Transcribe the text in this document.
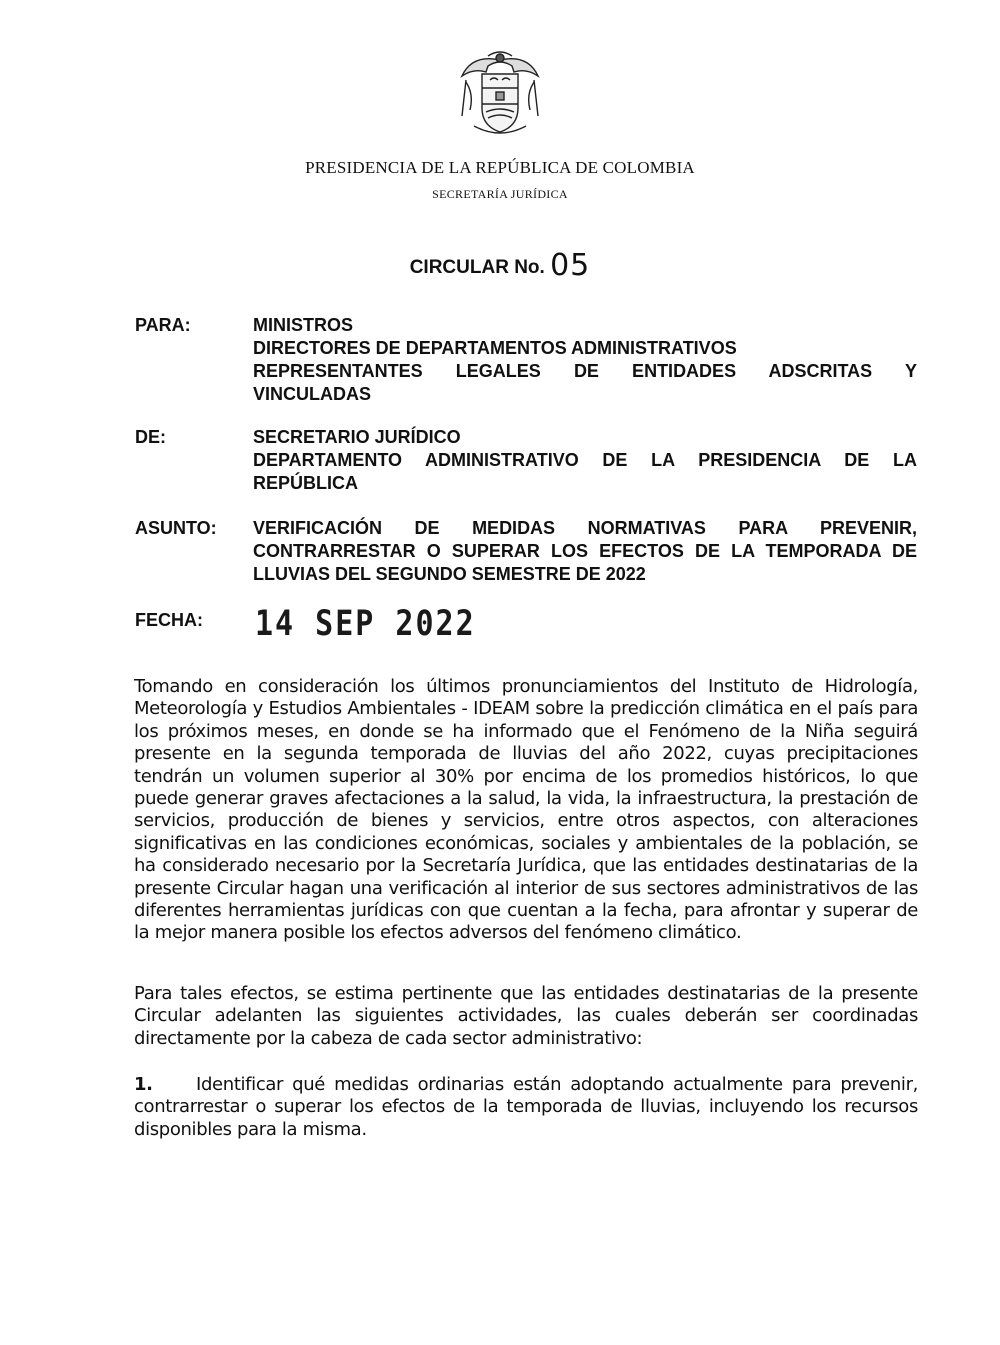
PRESIDENCIA DE LA REPÚBLICA DE COLOMBIA
SECRETARÍA JURÍDICA
CIRCULAR No. 05
PARA:	MINISTROS
DIRECTORES DE DEPARTAMENTOS ADMINISTRATIVOS
REPRESENTANTES LEGALES DE ENTIDADES ADSCRITAS Y
VINCULADAS
DE:	SECRETARIO JURÍDICO
DEPARTAMENTO ADMINISTRATIVO DE LA PRESIDENCIA DE LA
REPÚBLICA
ASUNTO: VERIFICACIÓN DE MEDIDAS NORMATIVAS PARA PREVENIR,
CONTRARRESTAR O SUPERAR LOS EFECTOS DE LA TEMPORADA DE
LLUVIAS DEL SEGUNDO SEMESTRE DE 2022
FECHA: 14 SEP 2022
Tomando en consideración los últimos pronunciamientos del Instituto de Hidrología, Meteorología y Estudios Ambientales - IDEAM sobre la predicción climática en el país para los próximos meses, en donde se ha informado que el Fenómeno de la Niña seguirá presente en la segunda temporada de lluvias del año 2022, cuyas precipitaciones tendrán un volumen superior al 30% por encima de los promedios históricos, lo que puede generar graves afectaciones a la salud, la vida, la infraestructura, la prestación de servicios, producción de bienes y servicios, entre otros aspectos, con alteraciones significativas en las condiciones económicas, sociales y ambientales de la población, se ha considerado necesario por la Secretaría Jurídica, que las entidades destinatarias de la presente Circular hagan una verificación al interior de sus sectores administrativos de las diferentes herramientas jurídicas con que cuentan a la fecha, para afrontar y superar de la mejor manera posible los efectos adversos del fenómeno climático.
Para tales efectos, se estima pertinente que las entidades destinatarias de la presente Circular adelanten las siguientes actividades, las cuales deberán ser coordinadas directamente por la cabeza de cada sector administrativo:
1. Identificar qué medidas ordinarias están adoptando actualmente para prevenir, contrarrestar o superar los efectos de la temporada de lluvias, incluyendo los recursos disponibles para la misma.
